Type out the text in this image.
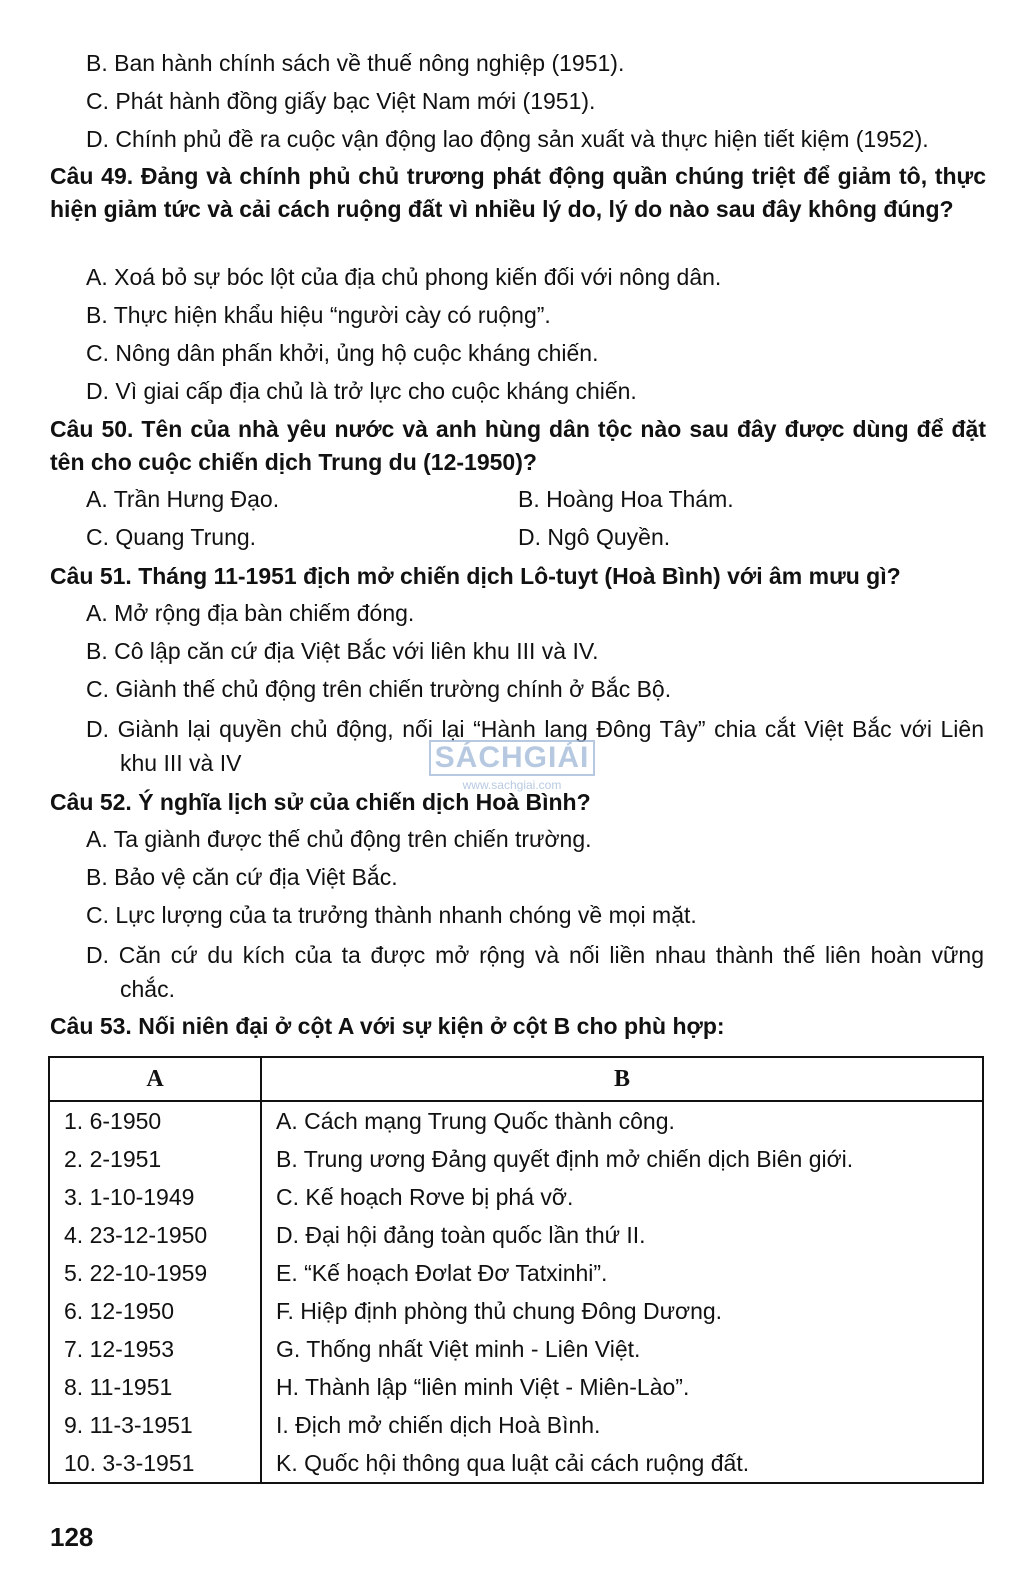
B. Ban hành chính sách về thuế nông nghiệp (1951).
C. Phát hành đồng giấy bạc Việt Nam mới (1951).
D. Chính phủ đề ra cuộc vận động lao động sản xuất và thực hiện tiết kiệm (1952).
Câu 49. Đảng và chính phủ chủ trương phát động quần chúng triệt để giảm tô, thực hiện giảm tức và cải cách ruộng đất vì nhiều lý do, lý do nào sau đây không đúng?
A. Xoá bỏ sự bóc lột của địa chủ phong kiến đối với nông dân.
B. Thực hiện khẩu hiệu “người cày có ruộng”.
C. Nông dân phấn khởi, ủng hộ cuộc kháng chiến.
D. Vì giai cấp địa chủ là trở lực cho cuộc kháng chiến.
Câu 50. Tên của nhà yêu nước và anh hùng dân tộc nào sau đây được dùng để đặt tên cho cuộc chiến dịch Trung du (12-1950)?
A. Trần Hưng Đạo.	B. Hoàng Hoa Thám.
C. Quang Trung.	D. Ngô Quyền.
Câu 51. Tháng 11-1951 địch mở chiến dịch Lô-tuyt (Hoà Bình) với âm mưu gì?
A. Mở rộng địa bàn chiếm đóng.
B. Cô lập căn cứ địa Việt Bắc với liên khu III và IV.
C. Giành thế chủ động trên chiến trường chính ở Bắc Bộ.
D. Giành lại quyền chủ động, nối lại “Hành lang Đông Tây” chia cắt Việt Bắc với Liên khu III và IV	SÁCHGIẢI
www.sachgiai.com
Câu 52. Ý nghĩa lịch sử của chiến dịch Hoà Bình?
A. Ta giành được thế chủ động trên chiến trường.
B. Bảo vệ căn cứ địa Việt Bắc.
C. Lực lượng của ta trưởng thành nhanh chóng về mọi mặt.
D. Căn cứ du kích của ta được mở rộng và nối liền nhau thành thế liên hoàn vững chắc.
Câu 53. Nối niên đại ở cột A với sự kiện ở cột B cho phù hợp:
A	B
1. 6-1950	A. Cách mạng Trung Quốc thành công.
2. 2-1951	B. Trung ương Đảng quyết định mở chiến dịch Biên giới.
3. 1-10-1949	C. Kế hoạch Rơve bị phá vỡ.
4. 23-12-1950	D. Đại hội đảng toàn quốc lần thứ II.
5. 22-10-1959	E. “Kế hoạch Đơlat Đơ Tatxinhi”.
6. 12-1950	F. Hiệp định phòng thủ chung Đông Dương.
7. 12-1953	G. Thống nhất Việt minh - Liên Việt.
8. 11-1951	H. Thành lập “liên minh Việt - Miên-Lào”.
9. 11-3-1951	I. Địch mở chiến dịch Hoà Bình.
10. 3-3-1951	K. Quốc hội thông qua luật cải cách ruộng đất.
128
